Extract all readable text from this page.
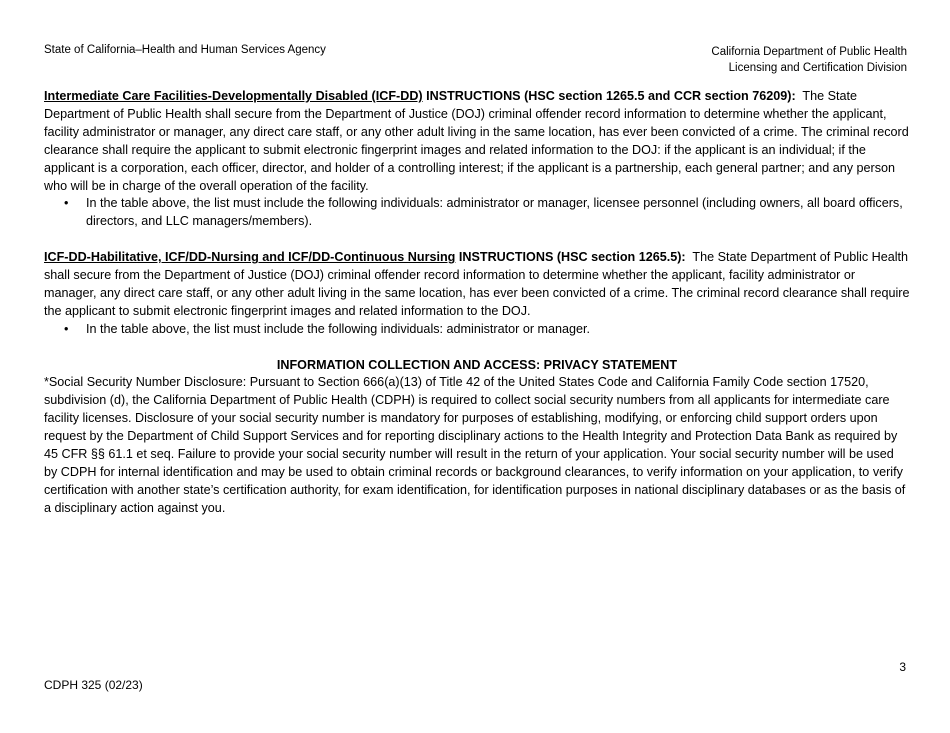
State of California–Health and Human Services Agency	California Department of Public Health
Licensing and Certification Division

Intermediate Care Facilities-Developmentally Disabled (ICF-DD) INSTRUCTIONS (HSC section 1265.5 and CCR section 76209): The State Department of Public Health shall secure from the Department of Justice (DOJ) criminal offender record information to determine whether the applicant, facility administrator or manager, any direct care staff, or any other adult living in the same location, has ever been convicted of a crime. The criminal record clearance shall require the applicant to submit electronic fingerprint images and related information to the DOJ: if the applicant is an individual; if the applicant is a corporation, each officer, director, and holder of a controlling interest; if the applicant is a partnership, each general partner; and any person who will be in charge of the overall operation of the facility.

• In the table above, the list must include the following individuals: administrator or manager, licensee personnel (including owners, all board officers, directors, and LLC managers/members).

ICF-DD-Habilitative, ICF/DD-Nursing and ICF/DD-Continuous Nursing INSTRUCTIONS (HSC section 1265.5): The State Department of Public Health shall secure from the Department of Justice (DOJ) criminal offender record information to determine whether the applicant, facility administrator or manager, any direct care staff, or any other adult living in the same location, has ever been convicted of a crime. The criminal record clearance shall require the applicant to submit electronic fingerprint images and related information to the DOJ.

• In the table above, the list must include the following individuals: administrator or manager.

INFORMATION COLLECTION AND ACCESS: PRIVACY STATEMENT

*Social Security Number Disclosure: Pursuant to Section 666(a)(13) of Title 42 of the United States Code and California Family Code section 17520, subdivision (d), the California Department of Public Health (CDPH) is required to collect social security numbers from all applicants for intermediate care facility licenses. Disclosure of your social security number is mandatory for purposes of establishing, modifying, or enforcing child support orders upon request by the Department of Child Support Services and for reporting disciplinary actions to the Health Integrity and Protection Data Bank as required by 45 CFR §§ 61.1 et seq. Failure to provide your social security number will result in the return of your application. Your social security number will be used by CDPH for internal identification and may be used to obtain criminal records or background clearances, to verify information on your application, to verify certification with another state’s certification authority, for exam identification, for identification purposes in national disciplinary databases or as the basis of a disciplinary action against you.

3
CDPH 325 (02/23)
